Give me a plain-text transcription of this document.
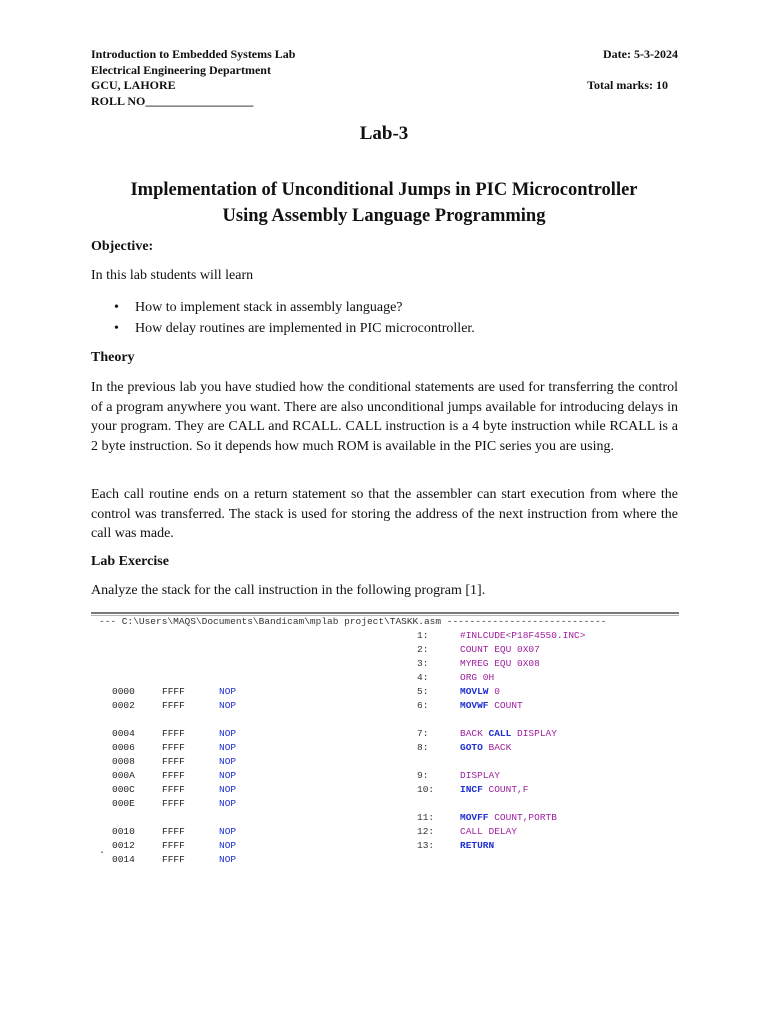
Introduction to Embedded Systems Lab
Electrical Engineering Department
GCU, LAHORE
ROLL NO__________________
Date: 5-3-2024
Total marks: 10
Lab-3
Implementation of Unconditional Jumps in PIC Microcontroller
Using Assembly Language Programming
Objective:
In this lab students will learn
• How to implement stack in assembly language?
• How delay routines are implemented in PIC microcontroller.
Theory
In the previous lab you have studied how the conditional statements are used for transferring the control of a program anywhere you want. There are also unconditional jumps available for introducing delays in your program. They are CALL and RCALL. CALL instruction is a 4 byte instruction while RCALL is a 2 byte instruction. So it depends how much ROM is available in the PIC series you are using.
Each call routine ends on a return statement so that the assembler can start execution from where the control was transferred. The stack is used for storing the address of the next instruction from where the call was made.
Lab Exercise
Analyze the stack for the call instruction in the following program [1].
--- C:\Users\MAQS\Documents\Bandicam\mplab project\TASKK.asm ----------------------------
0000	FFFF	NOP
0002	FFFF	NOP
0004	FFFF	NOP
0006	FFFF	NOP
0008	FFFF	NOP
000A	FFFF	NOP
000C	FFFF	NOP
000E	FFFF	NOP
0010	FFFF	NOP
0012	FFFF	NOP
0014	FFFF	NOP
1:	#INLCUDE<P18F4550.INC>
2:	COUNT EQU 0X07
3:	MYREG EQU 0X08
4:	ORG 0H
5:	MOVLW 0
6:	MOVWF COUNT
7:	BACK CALL DISPLAY
8:	GOTO BACK
9:	DISPLAY
10:	INCF COUNT,F
11:	MOVFF COUNT,PORTB
12:	CALL DELAY
13:	RETURN
.
